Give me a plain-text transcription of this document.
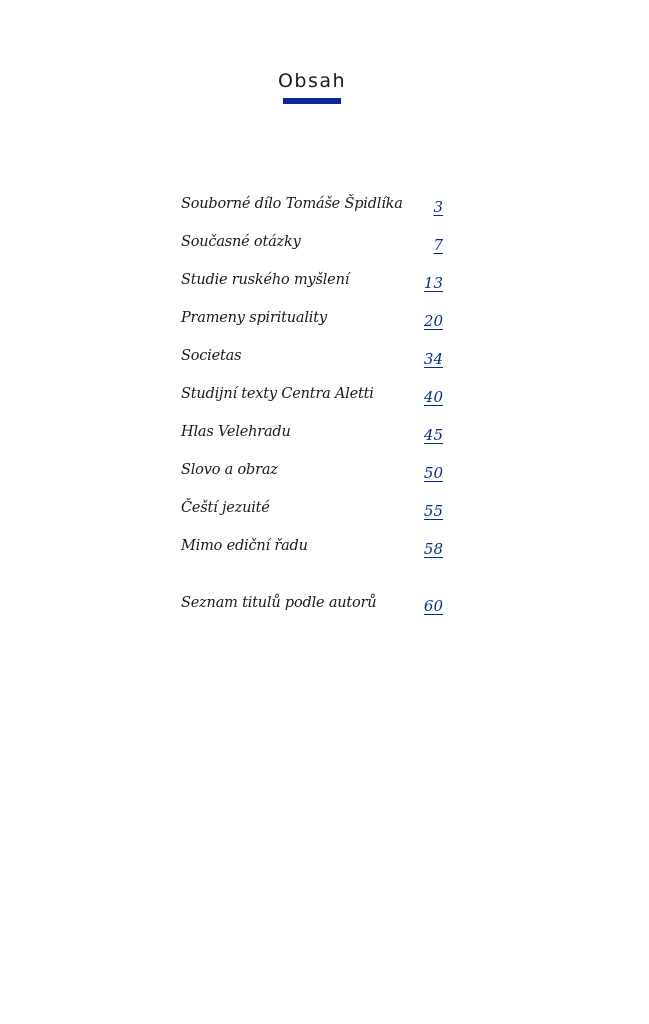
Obsah
Souborné dílo Tomáše Špidlíka 3
Současné otázky	7
Studie ruského myšlení	13
Prameny spirituality	20
Societas	34
Studijní texty Centra Aletti	40
Hlas Velehradu	45
Slovo a obraz	50
Čeští jezuité	55
Mimo ediční řadu	58
Seznam titulů podle autorů	60
